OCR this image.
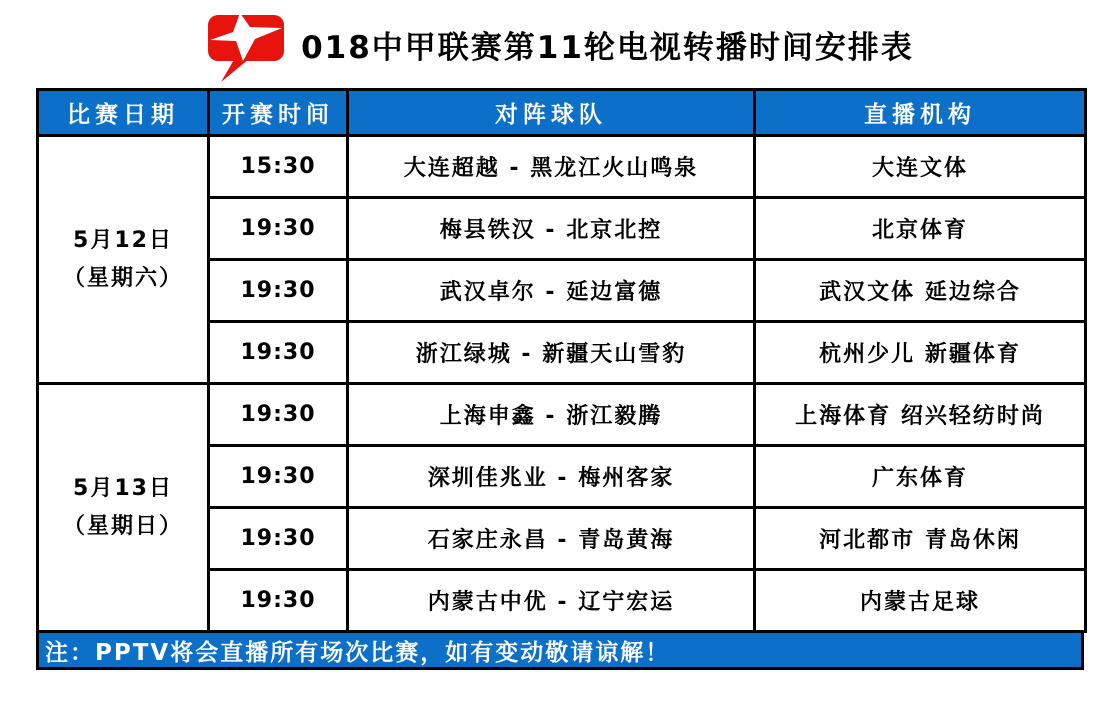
018中甲联赛第11轮电视转播时间安排表
比赛日期	开赛时间	对阵球队	直播机构

5月12日
（星期六）	15:30	大连超越 - 黑龙江火山鸣泉	大连文体
	19:30	梅县铁汉 - 北京北控	北京体育
	19:30	武汉卓尔 - 延边富德	武汉文体 延边综合
	19:30	浙江绿城 - 新疆天山雪豹	杭州少儿 新疆体育

5月13日
（星期日）	19:30	上海申鑫 - 浙江毅腾	上海体育 绍兴轻纺时尚
	19:30	深圳佳兆业 - 梅州客家	广东体育
	19:30	石家庄永昌 - 青岛黄海	河北都市 青岛休闲
	19:30	内蒙古中优 - 辽宁宏运	内蒙古足球
注：PPTV将会直播所有场次比赛，如有变动敬请谅解！
